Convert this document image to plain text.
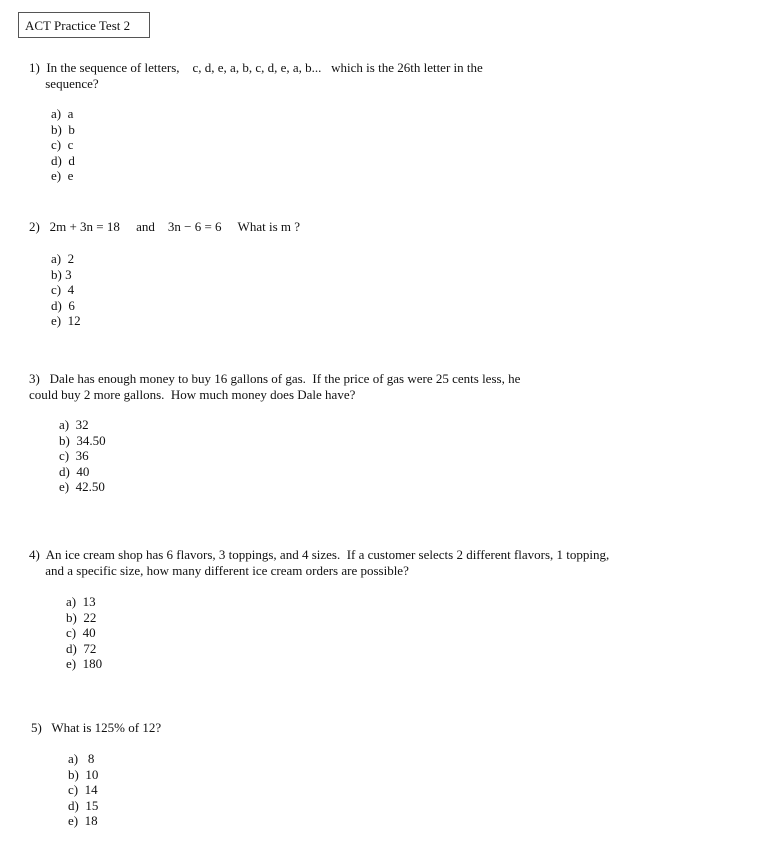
ACT Practice Test 2
1)  In the sequence of letters,    c, d, e, a, b, c, d, e, a, b...   which is the 26th letter in the
sequence?
a)  a
b)  b
c)  c
d)  d
e)  e
2)   2m + 3n = 18     and    3n − 6 = 6     What is m ?
a)  2
b) 3
c)  4
d)  6
e)  12
3)   Dale has enough money to buy 16 gallons of gas.  If the price of gas were 25 cents less, he
could buy 2 more gallons.  How much money does Dale have?
a)  32
b)  34.50
c)  36
d)  40
e)  42.50
4)  An ice cream shop has 6 flavors, 3 toppings, and 4 sizes.  If a customer selects 2 different flavors, 1 topping,
and a specific size, how many different ice cream orders are possible?
a)  13
b)  22
c)  40
d)  72
e)  180
5)   What is 125% of 12?
a)   8
b)  10
c)  14
d)  15
e)  18
